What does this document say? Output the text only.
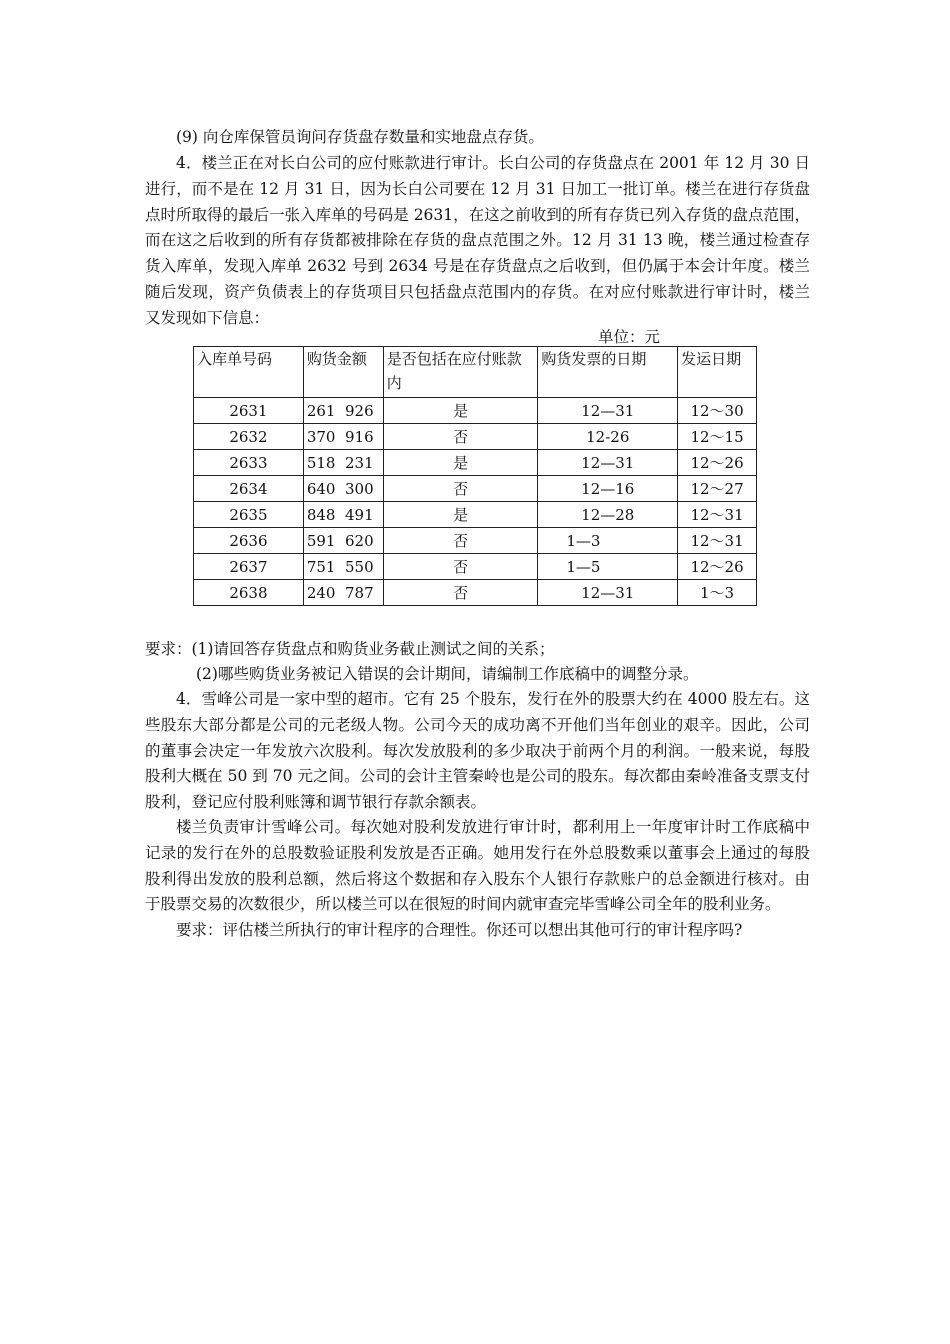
(9) 向仓库保管员询问存货盘存数量和实地盘点存货。

4．楼兰正在对长白公司的应付账款进行审计。长白公司的存货盘点在 2001 年 12 月 30 日进行，而不是在 12 月 31 日，因为长白公司要在 12 月 31 日加工一批订单。楼兰在进行存货盘点时所取得的最后一张入库单的号码是 2631，在这之前收到的所有存货已列入存货的盘点范围，而在这之后收到的所有存货都被排除在存货的盘点范围之外。12 月 31 13 晚，楼兰通过检查存货入库单，发现入库单 2632 号到 2634 号是在存货盘点之后收到，但仍属于本会计年度。楼兰随后发现，资产负债表上的存货项目只包括盘点范围内的存货。在对应付账款进行审计时，楼兰又发现如下信息：

单位：元
入库单号码	购货金额	是否包括在应付账款内	购货发票的日期	发运日期
2631	261  926	是	12—31	12～30
2632	370  916	否	12-26	12～15
2633	518  231	是	12—31	12～26
2634	640  300	否	12—16	12～27
2635	848  491	是	12—28	12～31
2636	591  620	否	1—3	12～31
2637	751  550	否	1—5	12～26
2638	240  787	否	12—31	1～3

要求：(1)请回答存货盘点和购货业务截止测试之间的关系；

(2)哪些购货业务被记入错误的会计期间，请编制工作底稿中的调整分录。

4．雪峰公司是一家中型的超市。它有 25 个股东，发行在外的股票大约在 4000 股左右。这些股东大部分都是公司的元老级人物。公司今天的成功离不开他们当年创业的艰辛。因此，公司的董事会决定一年发放六次股利。每次发放股利的多少取决于前两个月的利润。一般来说，每股股利大概在 50 到 70 元之间。公司的会计主管秦岭也是公司的股东。每次都由秦岭准备支票支付股利，登记应付股利账簿和调节银行存款余额表。

楼兰负责审计雪峰公司。每次她对股利发放进行审计时，都利用上一年度审计时工作底稿中记录的发行在外的总股数验证股利发放是否正确。她用发行在外总股数乘以董事会上通过的每股股利得出发放的股利总额，然后将这个数据和存入股东个人银行存款账户的总金额进行核对。由于股票交易的次数很少，所以楼兰可以在很短的时间内就审查完毕雪峰公司全年的股利业务。

要求：评估楼兰所执行的审计程序的合理性。你还可以想出其他可行的审计程序吗?
